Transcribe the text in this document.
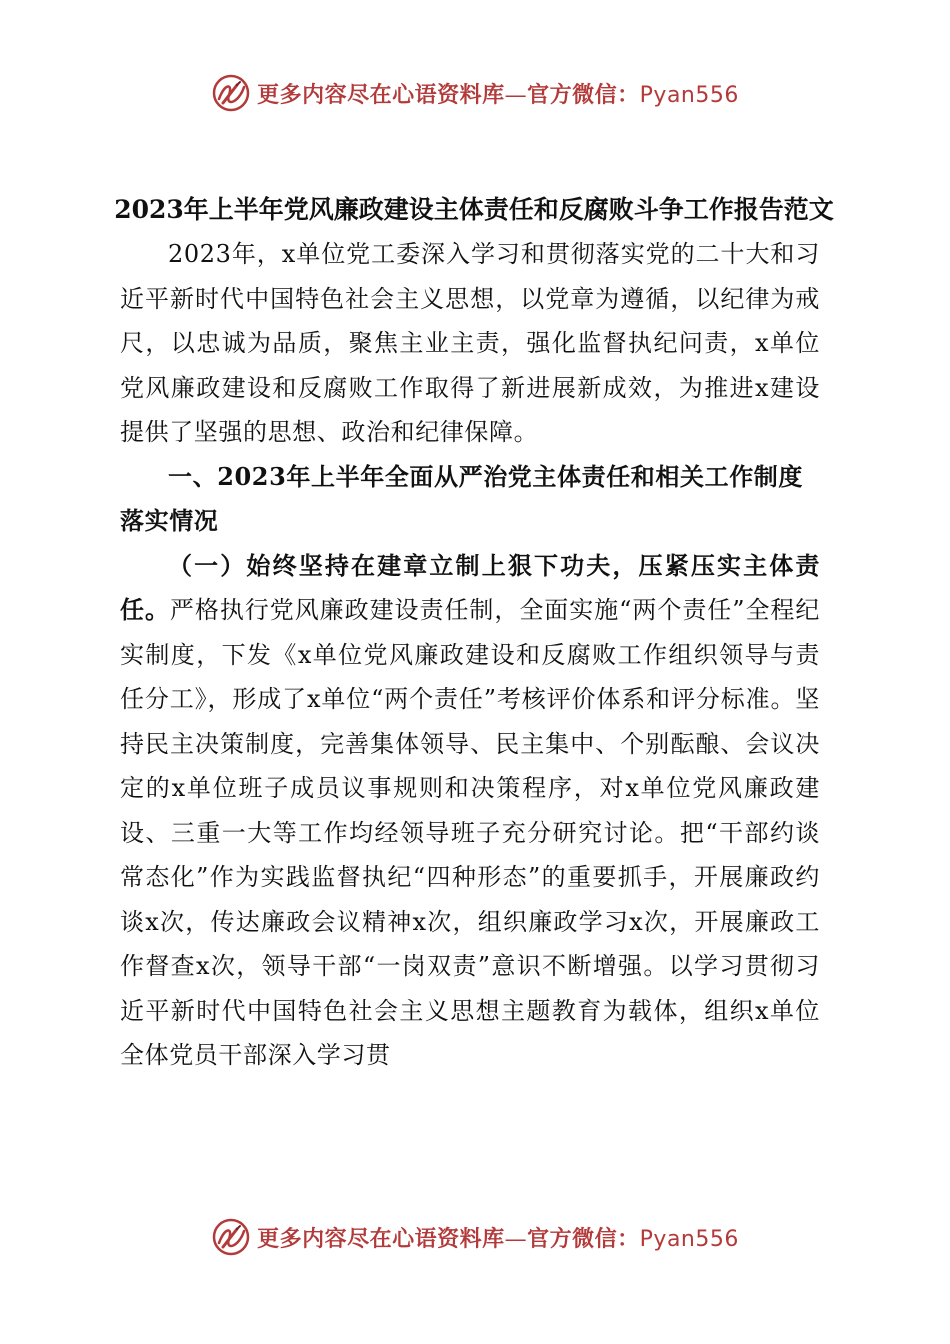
更多内容尽在心语资料库—官方微信：Pyan556
2023年上半年党风廉政建设主体责任和反腐败斗争工作报告范文

2023年，x单位党工委深入学习和贯彻落实党的二十大和习近平新时代中国特色社会主义思想，以党章为遵循，以纪律为戒尺，以忠诚为品质，聚焦主业主责，强化监督执纪问责，x单位党风廉政建设和反腐败工作取得了新进展新成效，为推进x建设提供了坚强的思想、政治和纪律保障。

一、2023年上半年全面从严治党主体责任和相关工作制度落实情况

（一）始终坚持在建章立制上狠下功夫，压紧压实主体责任。严格执行党风廉政建设责任制，全面实施“两个责任”全程纪实制度，下发《x单位党风廉政建设和反腐败工作组织领导与责任分工》，形成了x单位“两个责任”考核评价体系和评分标准。坚持民主决策制度，完善集体领导、民主集中、个别酝酿、会议决定的x单位班子成员议事规则和决策程序，对x单位党风廉政建设、三重一大等工作均经领导班子充分研究讨论。把“干部约谈常态化”作为实践监督执纪“四种形态”的重要抓手，开展廉政约谈x次，传达廉政会议精神x次，组织廉政学习x次，开展廉政工作督查x次，领导干部“一岗双责”意识不断增强。以学习贯彻习近平新时代中国特色社会主义思想主题教育为载体，组织x单位全体党员干部深入学习贯

更多内容尽在心语资料库—官方微信：Pyan556
